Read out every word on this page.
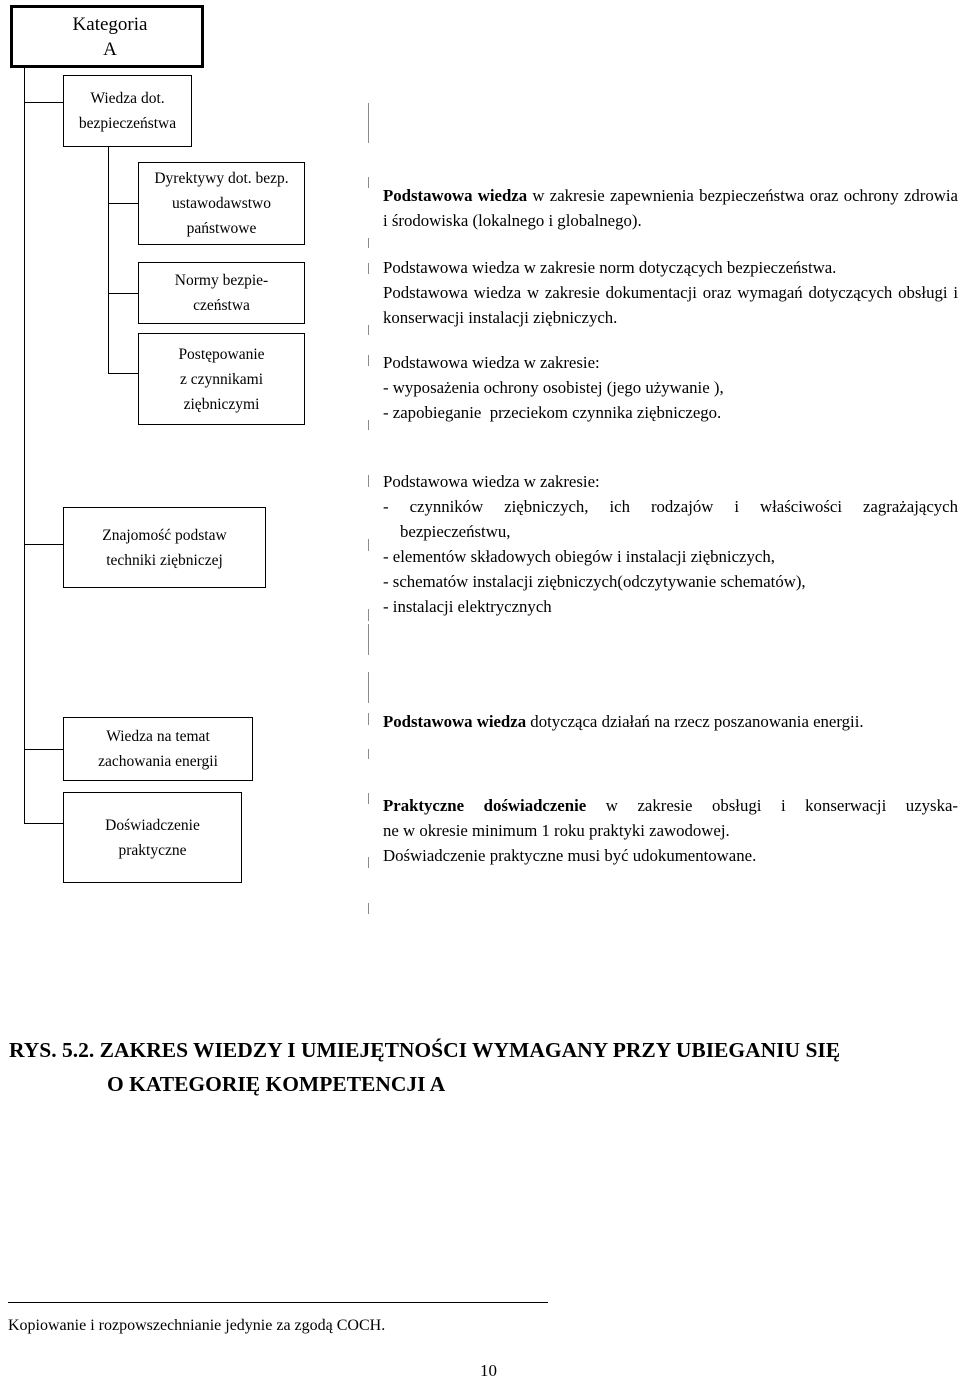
Kategoria
A
Wiedza dot.
bezpieczeństwa
Dyrektywy dot. bezp.
ustawodawstwo
państwowe
Normy bezpie-
czeństwa
Postępowanie
z czynnikami
ziębniczymi
Znajomość podstaw
techniki ziębniczej
Wiedza na temat
zachowania energii
Doświadczenie
praktyczne

Podstawowa wiedza w zakresie zapewnienia bezpieczeństwa oraz ochrony zdrowia i środowiska (lokalnego i globalnego).

Podstawowa wiedza w zakresie norm dotyczących bezpieczeństwa.

Podstawowa wiedza w zakresie dokumentacji oraz wymagań dotyczących obsługi i konserwacji instalacji ziębniczych.

Podstawowa wiedza w zakresie:

- wyposażenia ochrony osobistej (jego używanie ),

- zapobieganie  przeciekom czynnika ziębniczego.

Podstawowa wiedza w zakresie:

- czynników ziębniczych, ich rodzajów i właściwości zagrażających

bezpieczeństwu,

- elementów składowych obiegów i instalacji ziębniczych,

- schematów instalacji ziębniczych(odczytywanie schematów),

- instalacji elektrycznych

Podstawowa wiedza dotycząca działań na rzecz poszanowania energii.

Praktyczne doświadczenie w zakresie obsługi i konserwacji uzyska-

ne w okresie minimum 1 roku praktyki zawodowej.

Doświadczenie praktyczne musi być udokumentowane.

RYS. 5.2. ZAKRES WIEDZY I UMIEJĘTNOŚCI WYMAGANY PRZY UBIEGANIU SIĘ
O KATEGORIĘ KOMPETENCJI A
Kopiowanie i rozpowszechnianie jedynie za zgodą COCH.
10
